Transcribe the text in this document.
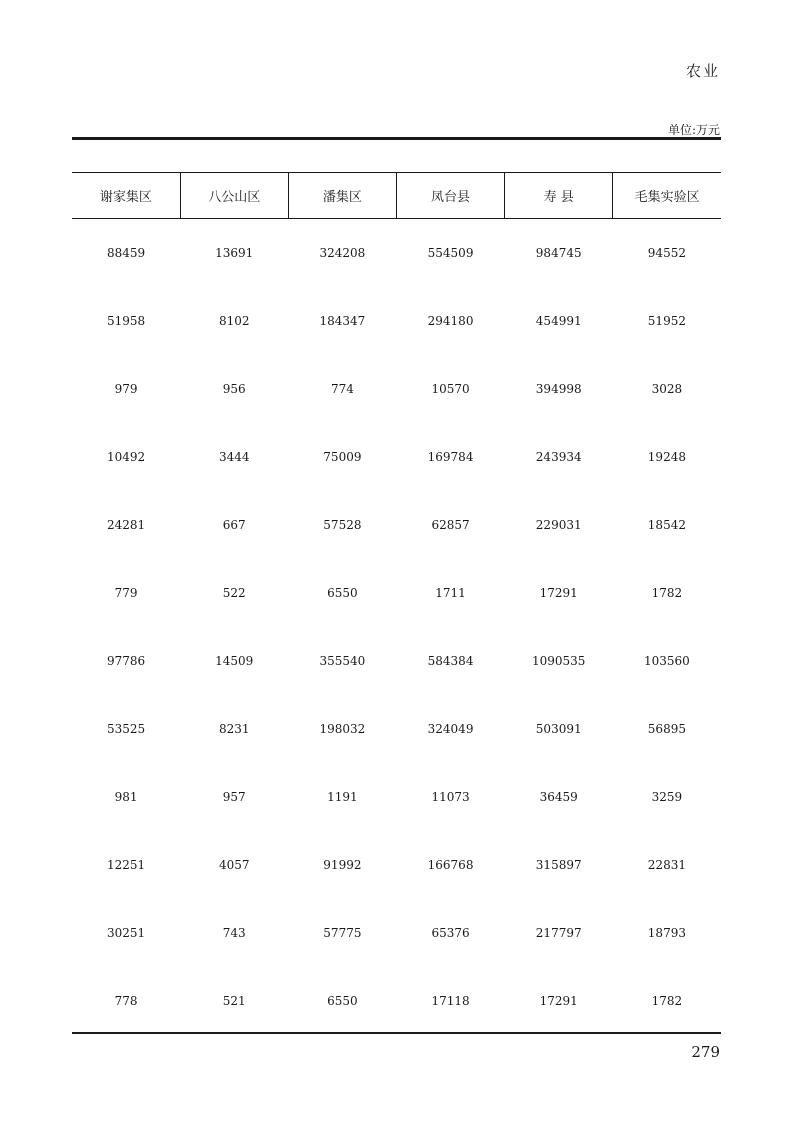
农业
单位:万元
谢家集区	八公山区	潘集区	凤台县	寿 县	毛集实验区
88459	13691	324208	554509	984745	94552
51958	8102	184347	294180	454991	51952
979	956	774	10570	394998	3028
10492	3444	75009	169784	243934	19248
24281	667	57528	62857	229031	18542
779	522	6550	1711	17291	1782
97786	14509	355540	584384	1090535	103560
53525	8231	198032	324049	503091	56895
981	957	1191	11073	36459	3259
12251	4057	91992	166768	315897	22831
30251	743	57775	65376	217797	18793
778	521	6550	17118	17291	1782
279
